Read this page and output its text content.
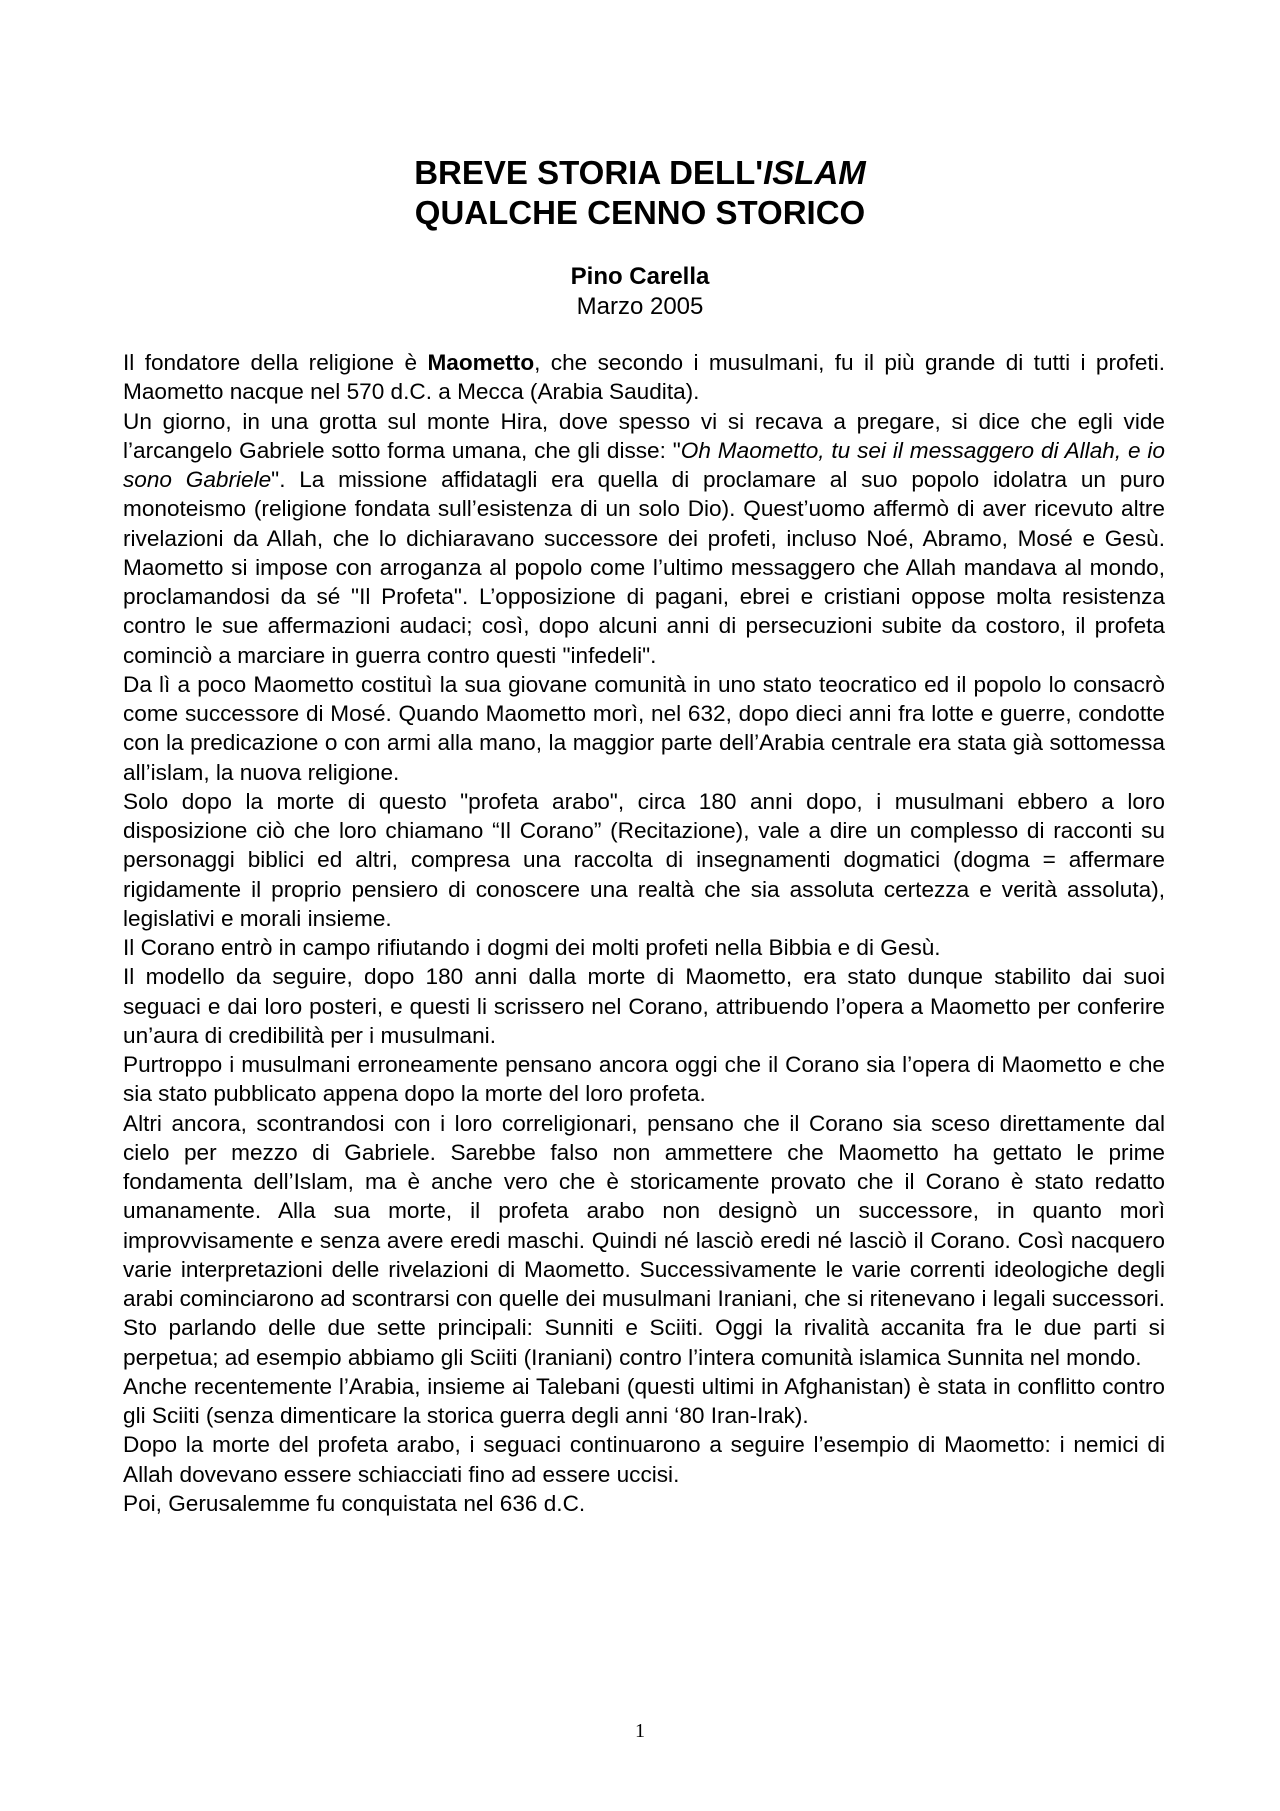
BREVE STORIA DELL'ISLAM
QUALCHE CENNO STORICO
Pino Carella
Marzo 2005

Il fondatore della religione è Maometto, che secondo i musulmani, fu il più grande di tutti i profeti. Maometto nacque nel 570 d.C. a Mecca (Arabia Saudita).

Un giorno, in una grotta sul monte Hira, dove spesso vi si recava a pregare, si dice che egli vide l’arcangelo Gabriele sotto forma umana, che gli disse: "Oh Maometto, tu sei il messaggero di Allah, e io sono Gabriele". La missione affidatagli era quella di proclamare al suo popolo idolatra un puro monoteismo (religione fondata sull’esistenza di un solo Dio). Quest’uomo affermò di aver ricevuto altre rivelazioni da Allah, che lo dichiaravano successore dei profeti, incluso Noé, Abramo, Mosé e Gesù. Maometto si impose con arroganza al popolo come l’ultimo messaggero che Allah mandava al mondo, proclamandosi da sé "Il Profeta". L’opposizione di pagani, ebrei e cristiani oppose molta resistenza contro le sue affermazioni audaci; così, dopo alcuni anni di persecuzioni subite da costoro, il profeta cominciò a marciare in guerra contro questi "infedeli".

Da lì a poco Maometto costituì la sua giovane comunità in uno stato teocratico ed il popolo lo consacrò come successore di Mosé. Quando Maometto morì, nel 632, dopo dieci anni fra lotte e guerre, condotte con la predicazione o con armi alla mano, la maggior parte dell’Arabia centrale era stata già sottomessa all’islam, la nuova religione.

Solo dopo la morte di questo "profeta arabo", circa 180 anni dopo, i musulmani ebbero a loro disposizione ciò che loro chiamano “Il Corano” (Recitazione), vale a dire un complesso di racconti su personaggi biblici ed altri, compresa una raccolta di insegnamenti dogmatici (dogma = affermare rigidamente il proprio pensiero di conoscere una realtà che sia assoluta certezza e verità assoluta), legislativi e morali insieme.

Il Corano entrò in campo rifiutando i dogmi dei molti profeti nella Bibbia e di Gesù.

Il modello da seguire, dopo 180 anni dalla morte di Maometto, era stato dunque stabilito dai suoi seguaci e dai loro posteri, e questi li scrissero nel Corano, attribuendo l’opera a Maometto per conferire un’aura di credibilità per i musulmani.

Purtroppo i musulmani erroneamente pensano ancora oggi che il Corano sia l’opera di Maometto e che sia stato pubblicato appena dopo la morte del loro profeta.

Altri ancora, scontrandosi con i loro correligionari, pensano che il Corano sia sceso direttamente dal cielo per mezzo di Gabriele. Sarebbe falso non ammettere che Maometto ha gettato le prime fondamenta dell’Islam, ma è anche vero che è storicamente provato che il Corano è stato redatto umanamente. Alla sua morte, il profeta arabo non designò un successore, in quanto morì improvvisamente e senza avere eredi maschi. Quindi né lasciò eredi né lasciò il Corano. Così nacquero varie interpretazioni delle rivelazioni di Maometto. Successivamente le varie correnti ideologiche degli arabi cominciarono ad scontrarsi con quelle dei musulmani Iraniani, che si ritenevano i legali successori. Sto parlando delle due sette principali: Sunniti e Sciiti. Oggi la rivalità accanita fra le due parti si perpetua; ad esempio abbiamo gli Sciiti (Iraniani) contro l’intera comunità islamica Sunnita nel mondo.

Anche recentemente l’Arabia, insieme ai Talebani (questi ultimi in Afghanistan) è stata in conflitto contro gli Sciiti (senza dimenticare la storica guerra degli anni ‘80 Iran-Irak).

Dopo la morte del profeta arabo, i seguaci continuarono a seguire l’esempio di Maometto: i nemici di Allah dovevano essere schiacciati fino ad essere uccisi.

Poi, Gerusalemme fu conquistata nel 636 d.C.

1
